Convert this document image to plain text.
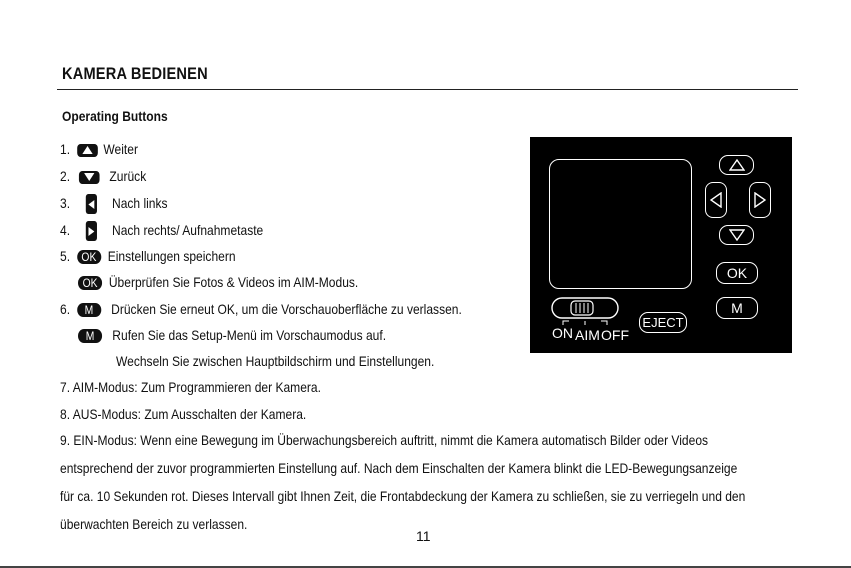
KAMERA BEDIENEN
Operating Buttons
1. Weiter
2.	Zurück
3.	Nach links
4.	Nach rechts/ Aufnahmetaste
5. OK Einstellungen speichern
OK Überprüfen Sie Fotos & Videos im AIM-Modus.
6. M Drücken Sie erneut OK, um die Vorschauoberfläche zu verlassen.
M Rufen Sie das Setup-Menü im Vorschaumodus auf.
Wechseln Sie zwischen Hauptbildschirm und Einstellungen.
7. AIM-Modus: Zum Programmieren der Kamera.
8. AUS-Modus: Zum Ausschalten der Kamera.
9. EIN-Modus: Wenn eine Bewegung im Überwachungsbereich auftritt, nimmt die Kamera automatisch Bilder oder Videos
entsprechend der zuvor programmierten Einstellung auf. Nach dem Einschalten der Kamera blinkt die LED-Bewegungsanzeige
für ca. 10 Sekunden rot. Dieses Intervall gibt Ihnen Zeit, die Frontabdeckung der Kamera zu schließen, sie zu verriegeln und den
überwachten Bereich zu verlassen.
11
OK
M
EJECT
ON AIM OFF
